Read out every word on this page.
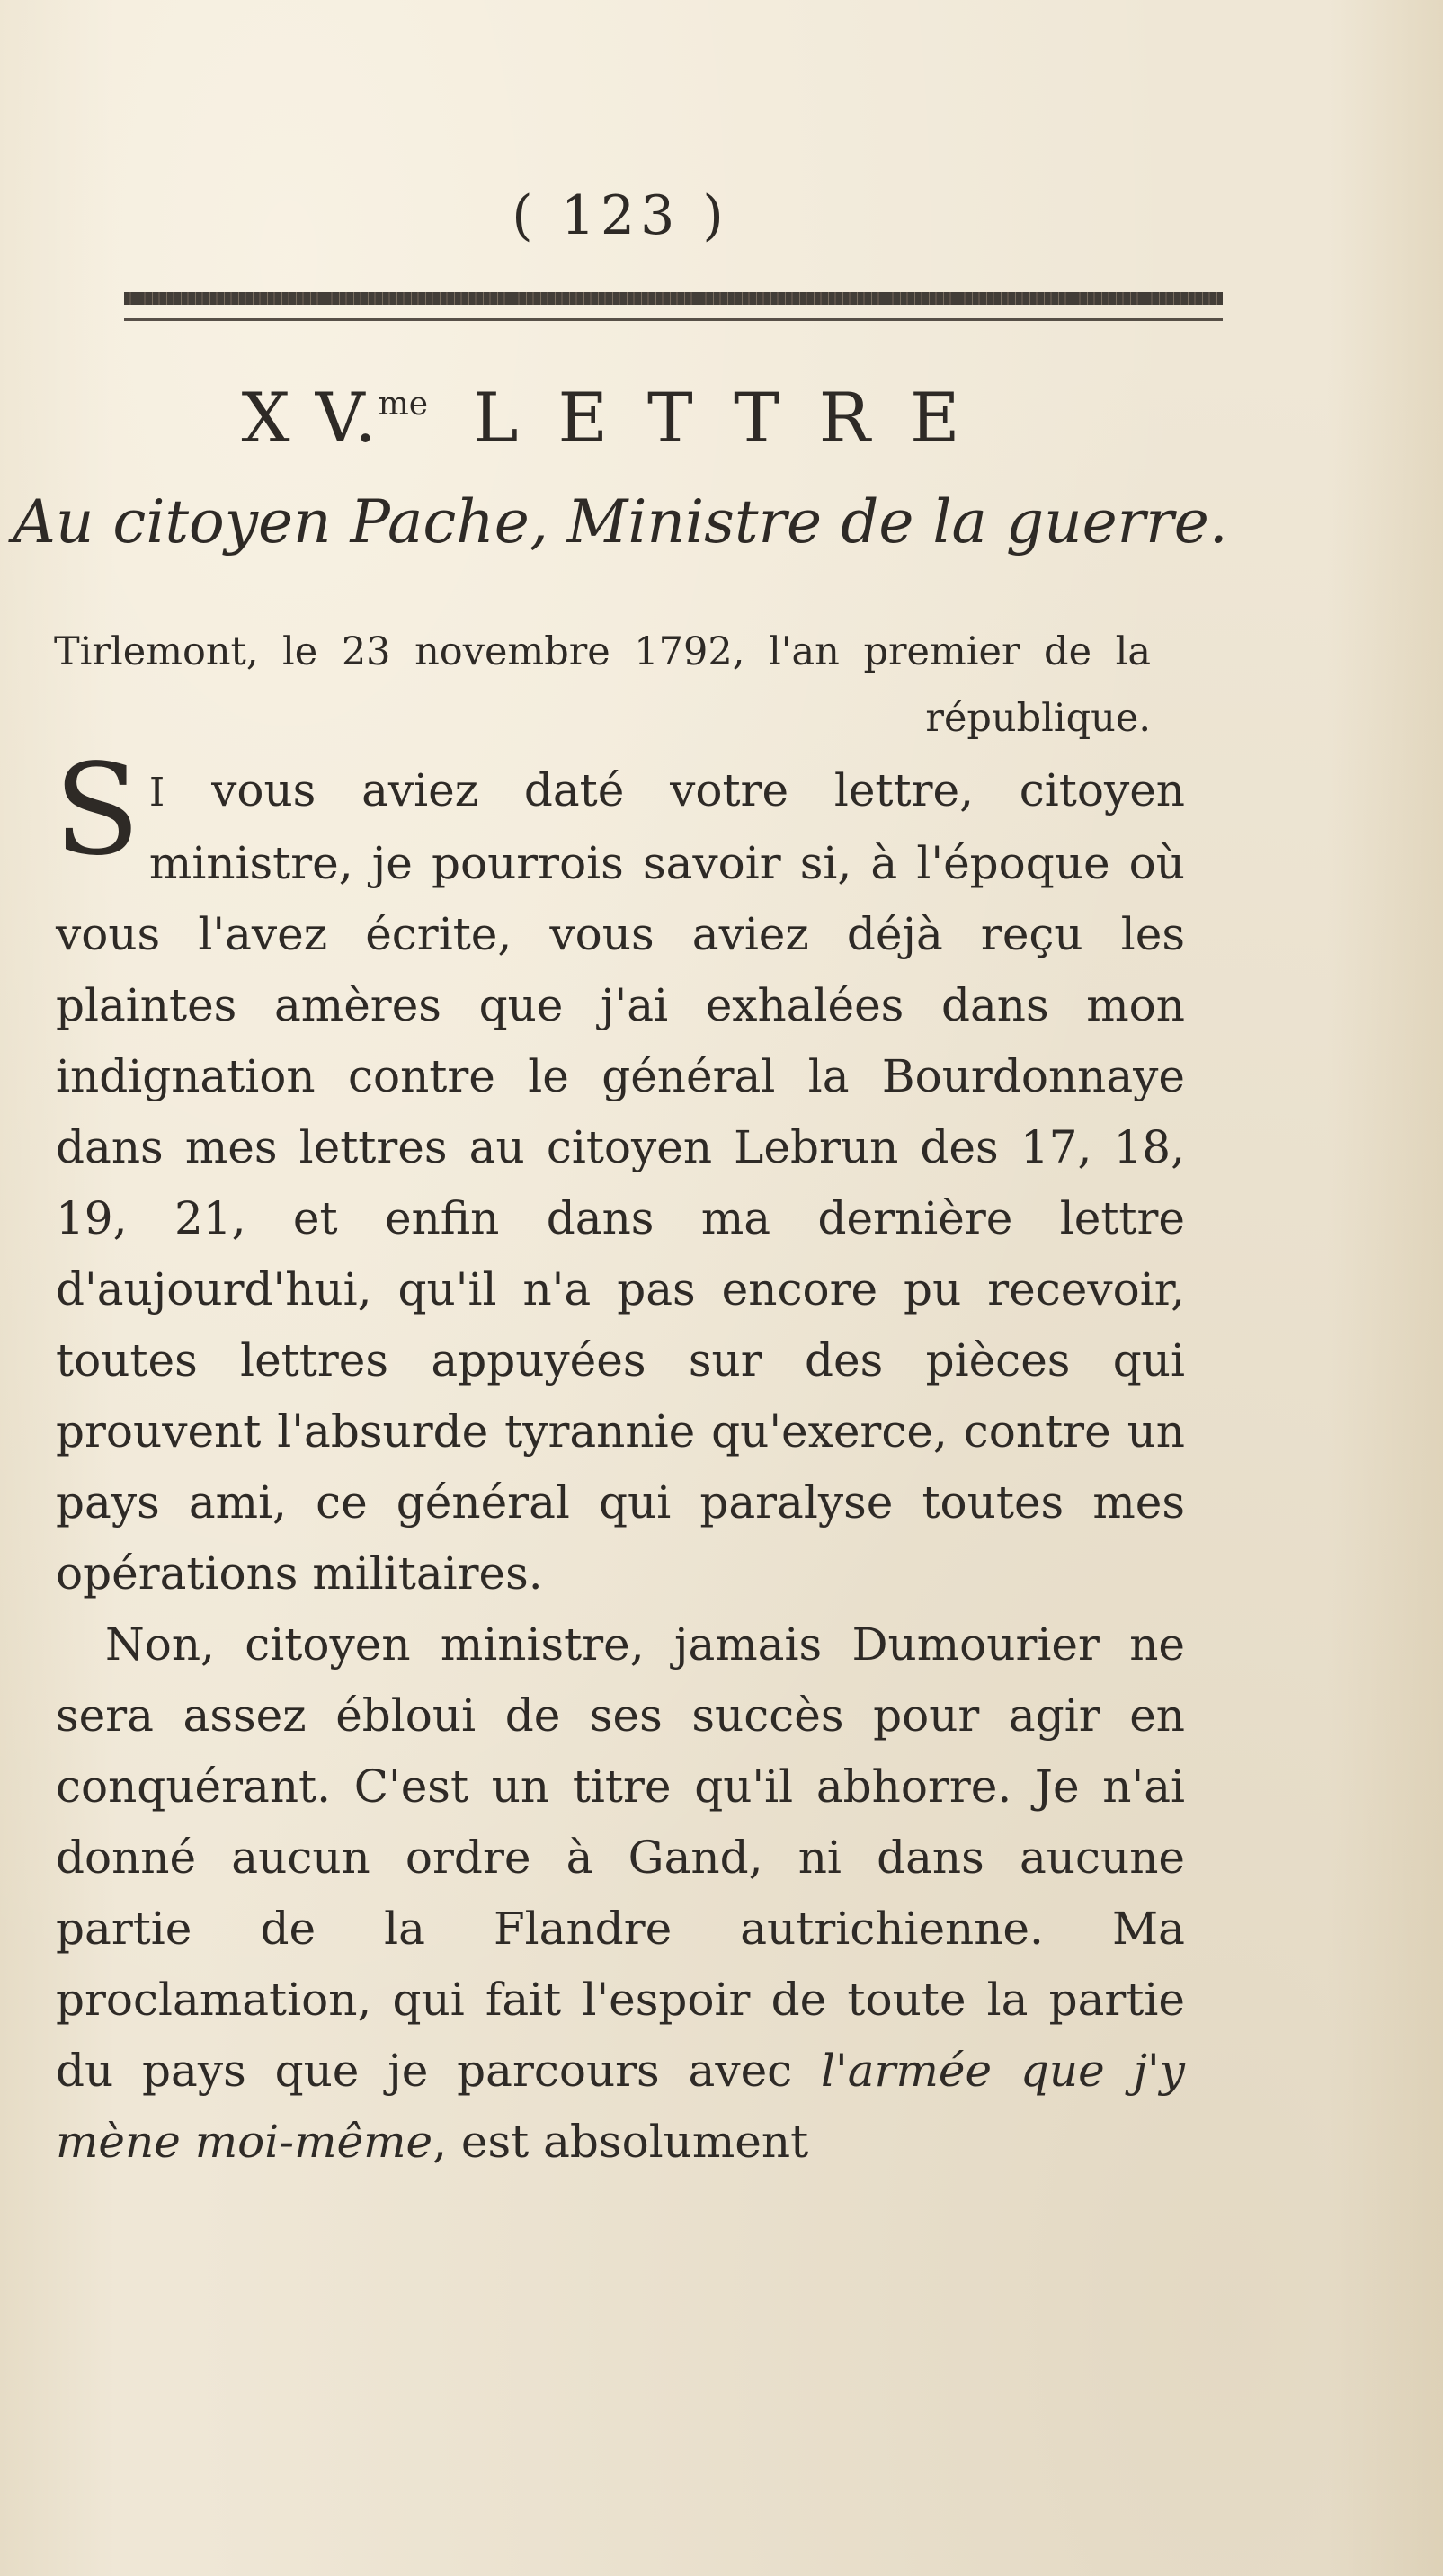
( 123 )
X V.$^{me}$ LETTRE
Au citoyen Pache, Ministre de la guerre.
Tirlemont, le 23 novembre 1792, l'an premier de la république.

S I vous aviez daté votre lettre, citoyen ministre, je pourrois savoir si, à l'époque où vous l'avez écrite, vous aviez déjà reçu les plaintes amères que j'ai exhalées dans mon indignation contre le général la Bourdonnaye dans mes lettres au citoyen Lebrun des 17, 18, 19, 21, et enfin dans ma dernière lettre d'aujourd'hui, qu'il n'a pas encore pu recevoir, toutes lettres appuyées sur des pièces qui prouvent l'absurde tyrannie qu'exerce, contre un pays ami, ce général qui paralyse toutes mes opérations militaires.

Non, citoyen ministre, jamais Dumourier ne sera assez ébloui de ses succès pour agir en conquérant. C'est un titre qu'il abhorre. Je n'ai donné aucun ordre à Gand, ni dans aucune partie de la Flandre autrichienne. Ma proclamation, qui fait l'espoir de toute la partie du pays que je parcours avec l'armée que j'y mène moi-même, est absolument
